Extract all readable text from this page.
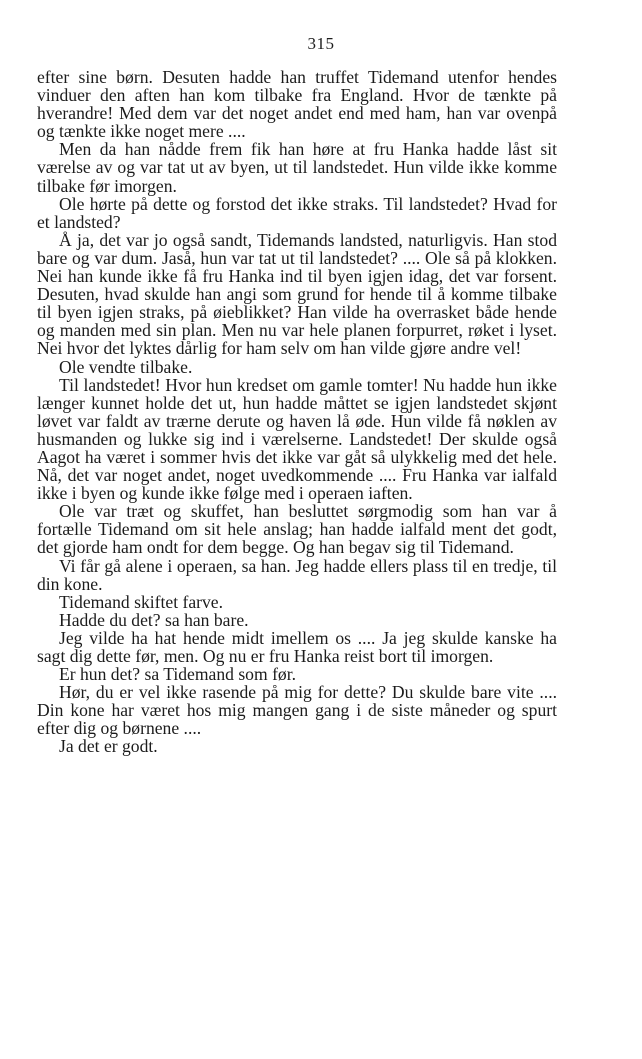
315

efter sine børn. Desuten hadde han truffet Tidemand utenfor hendes vinduer den aften han kom tilbake fra England. Hvor de tænkte på hverandre! Med dem var det noget andet end med ham, han var ovenpå og tænkte ikke noget mere ....

Men da han nådde frem fik han høre at fru Hanka hadde låst sit værelse av og var tat ut av byen, ut til landstedet. Hun vilde ikke komme tilbake før imorgen.

Ole hørte på dette og forstod det ikke straks. Til landstedet? Hvad for et landsted?

Å ja, det var jo også sandt, Tidemands landsted, naturligvis. Han stod bare og var dum. Jaså, hun var tat ut til landstedet? .... Ole så på klokken. Nei han kunde ikke få fru Hanka ind til byen igjen idag, det var forsent. Desuten, hvad skulde han angi som grund for hende til å komme tilbake til byen igjen straks, på øieblikket? Han vilde ha overrasket både hende og manden med sin plan. Men nu var hele planen forpurret, røket i lyset. Nei hvor det lyktes dårlig for ham selv om han vilde gjøre andre vel!

Ole vendte tilbake.

Til landstedet! Hvor hun kredset om gamle tomter! Nu hadde hun ikke længer kunnet holde det ut, hun hadde måttet se igjen landstedet skjønt løvet var faldt av trærne derute og haven lå øde. Hun vilde få nøklen av husmanden og lukke sig ind i værelserne. Landstedet! Der skulde også Aagot ha været i sommer hvis det ikke var gåt så ulykkelig med det hele. Nå, det var noget andet, noget uvedkommende .... Fru Hanka var ialfald ikke i byen og kunde ikke følge med i operaen iaften.

Ole var træt og skuffet, han besluttet sørgmodig som han var å fortælle Tidemand om sit hele anslag; han hadde ialfald ment det godt, det gjorde ham ondt for dem begge. Og han begav sig til Tidemand.

Vi får gå alene i operaen, sa han. Jeg hadde ellers plass til en tredje, til din kone.

Tidemand skiftet farve.

Hadde du det? sa han bare.

Jeg vilde ha hat hende midt imellem os .... Ja jeg skulde kanske ha sagt dig dette før, men. Og nu er fru Hanka reist bort til imorgen.

Er hun det? sa Tidemand som før.

Hør, du er vel ikke rasende på mig for dette? Du skulde bare vite .... Din kone har været hos mig mangen gang i de siste måneder og spurt efter dig og børnene ....

Ja det er godt.
